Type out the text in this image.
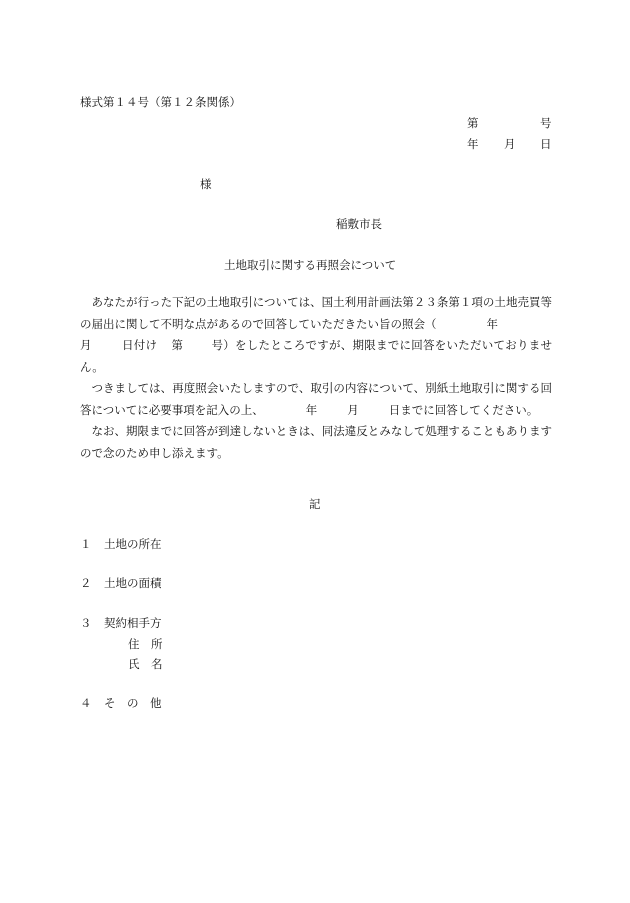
様式第１４号（第１２条関係）
第	号
年 月 日
様
稲敷市長
土地取引に関する再照会について

あなたが行った下記の土地取引については、国土利用計画法第２３条第１項の土地売買等の届出に関して不明な点があるので回答していただきたい旨の照会（	年
月	日付け 第 号）をしたところですが、期限までに回答をいただいておりません。

つきましては、再度照会いたしますので、取引の内容について、別紙土地取引に関する回答についてに必要事項を記入の上、	年	月	日までに回答してください。

なお、期限までに回答が到達しないときは、同法違反とみなして処理することもありますので念のため申し添えます。

記
１ 土地の所在
２ 土地の面積
３ 契約相手方
住　所
氏　名
４ そ　の　他
